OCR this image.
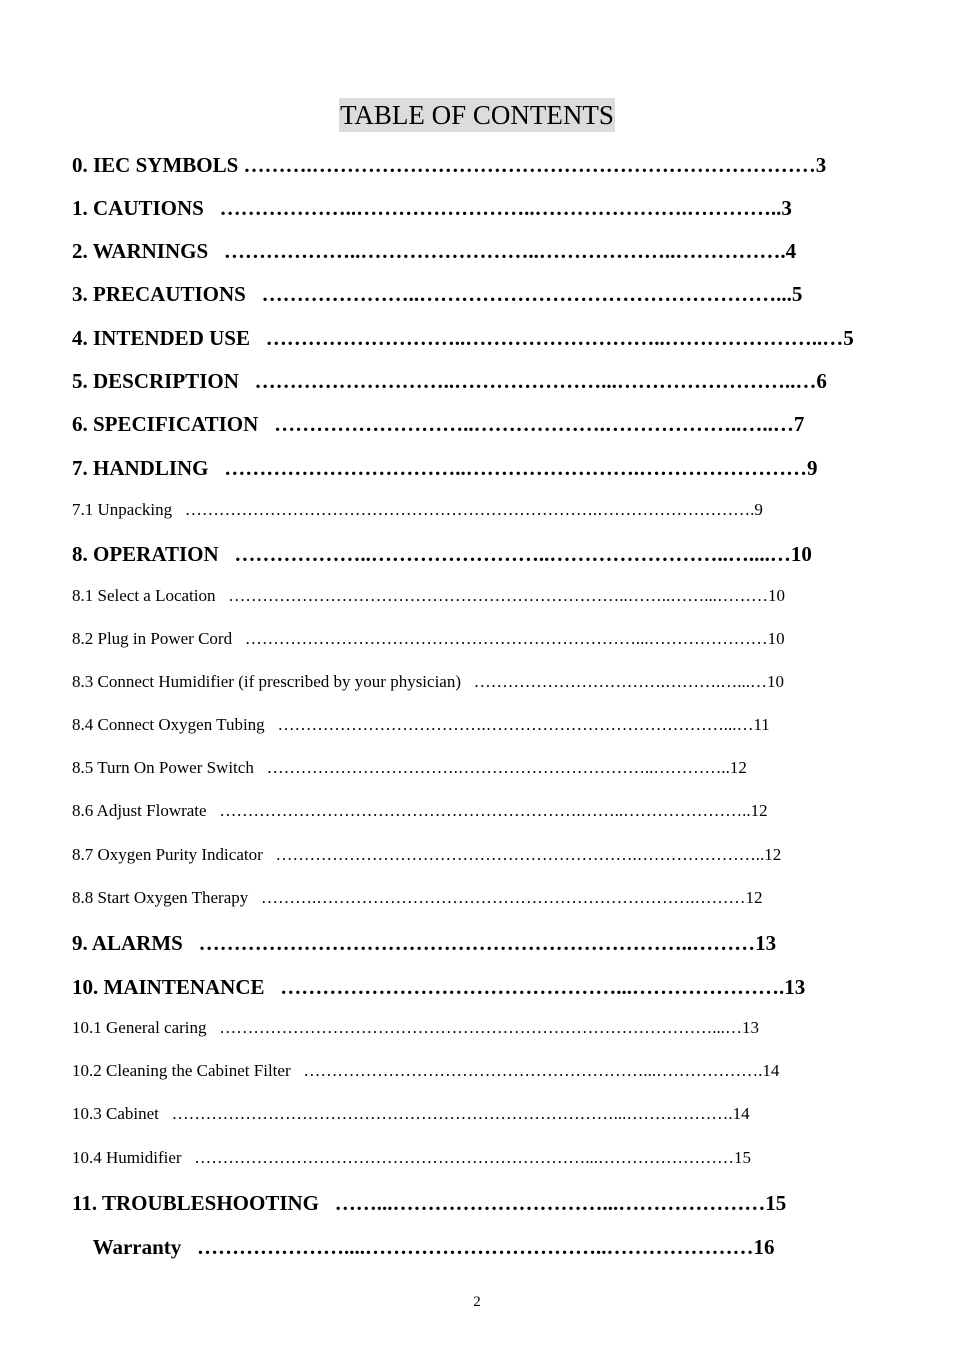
TABLE OF CONTENTS
0. IEC SYMBOLS ……….………………………………………………………………3
1. CAUTIONS   ………………..……………………..………………….…………..3
2. WARNINGS   ………………..……………………..………………..…………….4
3. PRECAUTIONS   …………………..……………………………………………...5
4. INTENDED USE   ………………………..………………………..…………………..…5
5. DESCRIPTION   ………………………..…………………...……………………..…6
6. SPECIFICATION   ………………………..……………….………………..…..…7
7. HANDLING   ……………………………..…………………….……………………9
7.1 Unpacking   ……………………………………………………………….……………………….9
8. OPERATION   ………………..……………………..……………………..…....…10
8.1 Select a Location   ……………………………………………………………..……..……...………10
8.2 Plug in Power Cord   ……………………………………………………………...…………………10
8.3 Connect Humidifier (if prescribed by your physician)   …………………………….……….…...…10
8.4 Connect Oxygen Tubing   ……………………………….……………………………………...…11
8.5 Turn On Power Switch   …………………………….……………………………..…………..12
8.6 Adjust Flowrate   ……………………………………………………….……..…………………..12
8.7 Oxygen Purity Indicator   ……………………………………………………….…………………..12
8.8 Start Oxygen Therapy   ……….………………………………………………………….………12
9. ALARMS   ……………………………………………………………..………13
10. MAINTENANCE   …………………………………………...………………….13
10.1 General caring   ……………………………………………………………………………...…13
10.2 Cleaning the Cabinet Filter   ……………………………………………………...……………….14
10.3 Cabinet   ……………………………………………………………………...……………….14
10.4 Humidifier   ……………………………………………………………...……………………15
11. TROUBLESHOOTING   ……...…………………………...…………………15
Warranty   …………………....……………………………..…………………16
2
